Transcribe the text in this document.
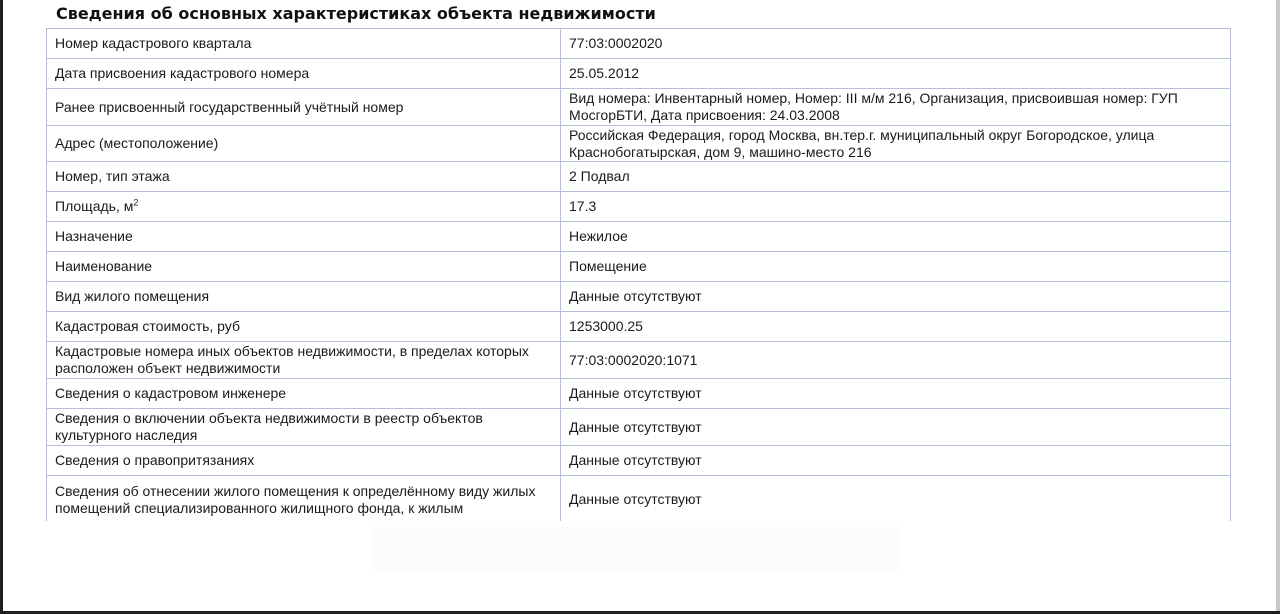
Сведения об основных характеристиках объекта недвижимости
Номер кадастрового квартала	77:03:0002020
Дата присвоения кадастрового номера	25.05.2012
Ранее присвоенный государственный учётный номер	Вид номера: Инвентарный номер, Номер: III м/м 216, Организация, присвоившая номер: ГУП МосгорБТИ, Дата присвоения: 24.03.2008
Адрес (местоположение)	Российская Федерация, город Москва, вн.тер.г. муниципальный округ Богородское, улица Краснобогатырская, дом 9, машино-место 216
Номер, тип этажа	2 Подвал
Площадь, $м^2$	17.3
Назначение	Нежилое
Наименование	Помещение
Вид жилого помещения	Данные отсутствуют
Кадастровая стоимость, руб	1253000.25
Кадастровые номера иных объектов недвижимости, в пределах которых расположен объект недвижимости	77:03:0002020:1071
Сведения о кадастровом инженере	Данные отсутствуют
Сведения о включении объекта недвижимости в реестр объектов культурного наследия	Данные отсутствуют
Сведения о правопритязаниях	Данные отсутствуют
Сведения об отнесении жилого помещения к определённому виду жилых помещений специализированного жилищного фонда, к жилым	Данные отсутствуют
